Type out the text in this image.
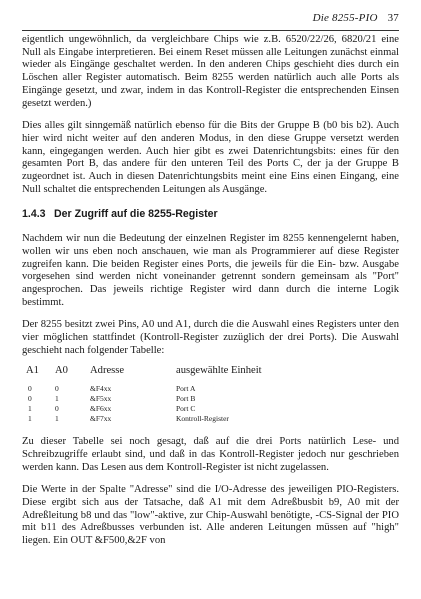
Die 8255-PIO 37

eigentlich ungewöhnlich, da vergleichbare Chips wie z.B. 6520/22/26, 6820/21 eine Null als Eingabe interpretieren. Bei einem Reset müssen alle Leitungen zunächst einmal wieder als Eingänge geschaltet werden. In den anderen Chips geschieht dies durch ein Löschen aller Register automatisch. Beim 8255 werden natürlich auch alle Ports als Eingänge gesetzt, und zwar, indem in das Kontroll-Register die entsprechenden Einsen gesetzt werden.)

Dies alles gilt sinngemäß natürlich ebenso für die Bits der Gruppe B (b0 bis b2). Auch hier wird nicht weiter auf den anderen Modus, in den diese Gruppe versetzt werden kann, eingegangen werden. Auch hier gibt es zwei Datenrichtungsbits: eines für den gesamten Port B, das andere für den unteren Teil des Ports C, der ja der Gruppe B zugeordnet ist. Auch in diesen Datenrichtungsbits meint eine Eins einen Eingang, eine Null schaltet die entsprechenden Leitungen als Ausgänge.

1.4.3 Der Zugriff auf die 8255-Register

Nachdem wir nun die Bedeutung der einzelnen Register im 8255 kennengelernt haben, wollen wir uns eben noch anschauen, wie man als Programmierer auf diese Register zugreifen kann. Die beiden Register eines Ports, die jeweils für die Ein- bzw. Ausgabe vorgesehen sind werden nicht voneinander getrennt sondern gemeinsam als "Port" angesprochen. Das jeweils richtige Register wird dann durch die interne Logik bestimmt.

Der 8255 besitzt zwei Pins, A0 und A1, durch die die Auswahl eines Registers unter den vier möglichen stattfindet (Kontroll-Register zuzüglich der drei Ports). Die Auswahl geschieht nach folgender Tabelle:

A1	A0	Adresse	ausgewählte Einheit
0	0	&F4xx	Port A
0	1	&F5xx	Port B
1	0	&F6xx	Port C
1	1	&F7xx	Kontroll-Register

Zu dieser Tabelle sei noch gesagt, daß auf die drei Ports natürlich Lese- und Schreibzugriffe erlaubt sind, und daß in das Kontroll-Register jedoch nur geschrieben werden kann. Das Lesen aus dem Kontroll-Register ist nicht zugelassen.

Die Werte in der Spalte "Adresse" sind die I/O-Adresse des jeweiligen PIO-Registers. Diese ergibt sich aus der Tatsache, daß A1 mit dem Adreßbusbit b9, A0 mit der Adreßleitung b8 und das "low"-aktive, zur Chip-Auswahl benötigte, -CS-Signal der PIO mit b11 des Adreßbusses verbunden ist. Alle anderen Leitungen müssen auf "high" liegen. Ein OUT &F500,&2F von
